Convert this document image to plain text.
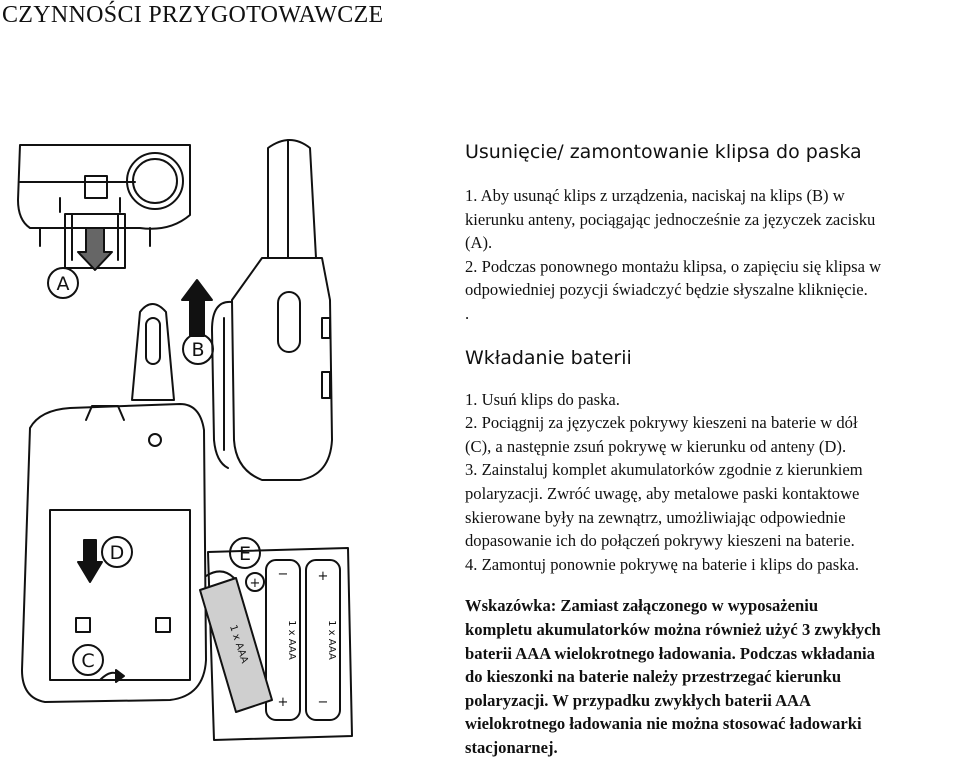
CZYNNOŚCI PRZYGOTOWAWCZE
A
B
D
C
E
+
− +
+ −
1 x AAA	1 x AAA
1 x AAA
Usunięcie/ zamontowanie klipsa do paska

1. Aby usunąć klips z urządzenia, naciskaj na klips (B) w

kierunku anteny, pociągając jednocześnie za języczek zacisku

(A).

2. Podczas ponownego montażu klipsa, o zapięciu się klipsa w

odpowiedniej pozycji świadczyć będzie słyszalne kliknięcie.

.

Wkładanie baterii

1. Usuń klips do paska.

2. Pociągnij za języczek pokrywy kieszeni na baterie w dół

(C), a następnie zsuń pokrywę w kierunku od anteny (D).

3. Zainstaluj komplet akumulatorków zgodnie z kierunkiem

polaryzacji. Zwróć uwagę, aby metalowe paski kontaktowe

skierowane były na zewnątrz, umożliwiając odpowiednie

dopasowanie ich do połączeń pokrywy kieszeni na baterie.

4. Zamontuj ponownie pokrywę na baterie i klips do paska.

Wskazówka: Zamiast załączonego w wyposażeniu

kompletu akumulatorków można również użyć 3 zwykłych

baterii AAA wielokrotnego ładowania. Podczas wkładania

do kieszonki na baterie należy przestrzegać kierunku

polaryzacji. W przypadku zwykłych baterii AAA

wielokrotnego ładowania nie można stosować ładowarki

stacjonarnej.
